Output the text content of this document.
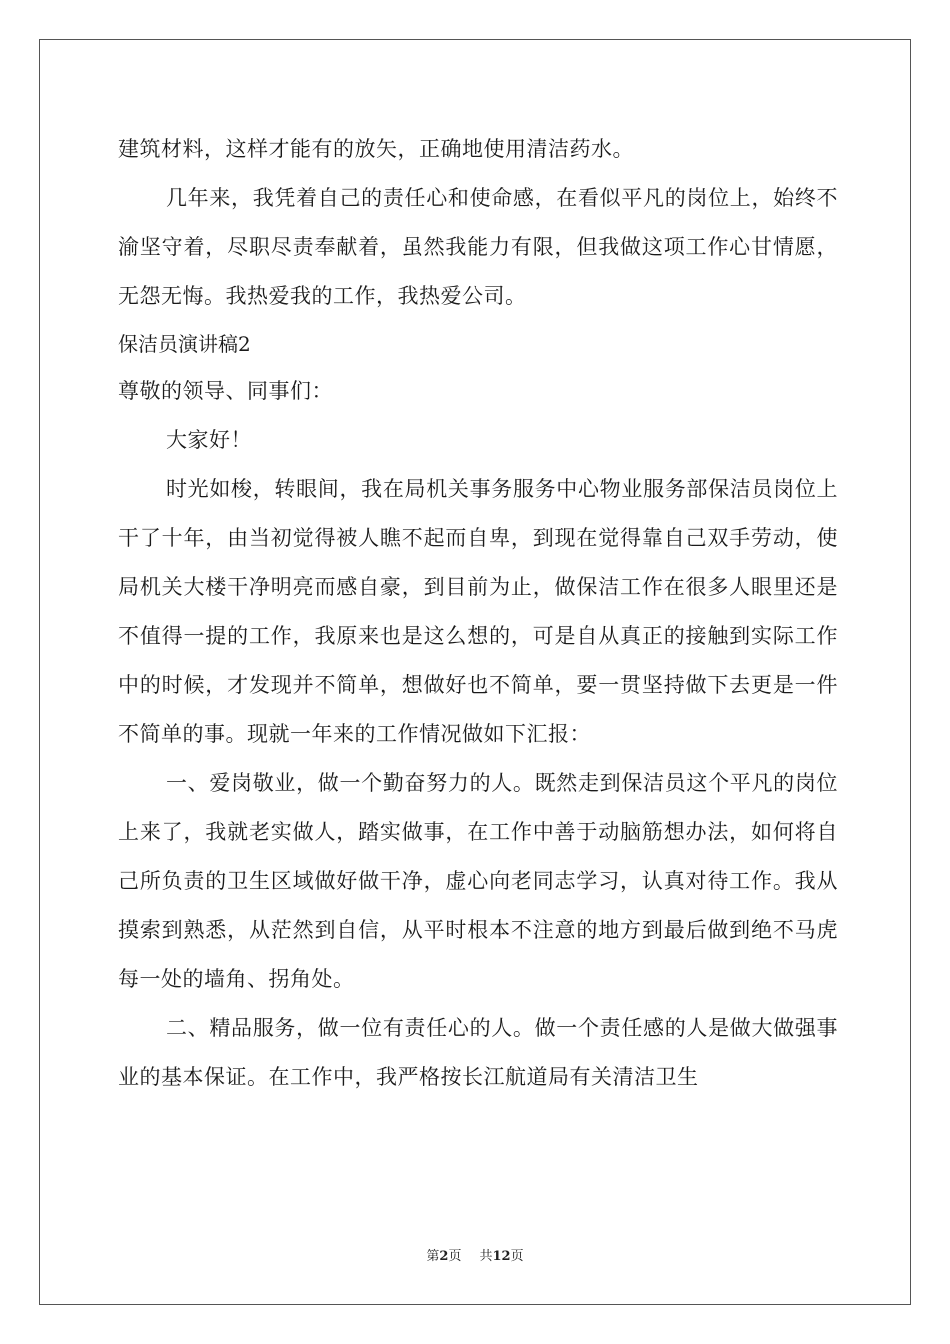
建筑材料，这样才能有的放矢，正确地使用清洁药水。

几年来，我凭着自己的责任心和使命感，在看似平凡的岗位上，始终不渝坚守着，尽职尽责奉献着，虽然我能力有限，但我做这项工作心甘情愿，无怨无悔。我热爱我的工作，我热爱公司。

保洁员演讲稿2

尊敬的领导、同事们：

大家好！

时光如梭，转眼间，我在局机关事务服务中心物业服务部保洁员岗位上干了十年，由当初觉得被人瞧不起而自卑，到现在觉得靠自己双手劳动，使局机关大楼干净明亮而感自豪，到目前为止，做保洁工作在很多人眼里还是不值得一提的工作，我原来也是这么想的，可是自从真正的接触到实际工作中的时候，才发现并不简单，想做好也不简单，要一贯坚持做下去更是一件不简单的事。现就一年来的工作情况做如下汇报：

一、爱岗敬业，做一个勤奋努力的人。既然走到保洁员这个平凡的岗位上来了，我就老实做人，踏实做事，在工作中善于动脑筋想办法，如何将自己所负责的卫生区域做好做干净，虚心向老同志学习，认真对待工作。我从摸索到熟悉，从茫然到自信，从平时根本不注意的地方到最后做到绝不马虎每一处的墙角、拐角处。

二、精品服务，做一位有责任心的人。做一个责任感的人是做大做强事业的基本保证。在工作中，我严格按长江航道局有关清洁卫生

第2页 共12页
